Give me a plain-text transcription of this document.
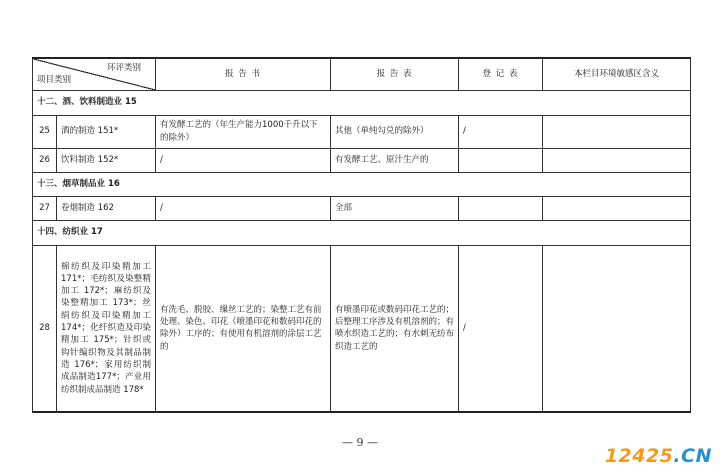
环评类别
项目类别		报 告 书	报 告 表	登 记 表	本栏目环境敏感区含义
十二、酒、饮料制造业 15					
25	酒的制造 151*	有发酵工艺的（年生产能力1000千升以下的除外）	其他（单纯勾兑的除外）	/	
26	饮料制造 152*	/	有发酵工艺、原汁生产的		
十三、烟草制品业 16					
27	卷烟制造 162	/	全部		
十四、纺织业 17					
28	棉纺织及印染精加工171*；毛纺织及染整精加工 172*；麻纺织及染整精加工 173*；丝绢纺织及印染精加工 174*；化纤织造及印染精加工 175*；针织或钩针编织物及其制品制造 176*；家用纺织制成品制造177*；产业用纺织制成品制造 178*	有洗毛、脱胶、缫丝工艺的；染整工艺有前处理、染色、印花（喷墨印花和数码印花的除外）工序的；有使用有机溶剂的涂层工艺的	有喷墨印花或数码印花工艺的；后整理工序涉及有机溶剂的；有喷水织造工艺的；有水刺无纺布织造工艺的	/	
— 9 —
12425.CN
